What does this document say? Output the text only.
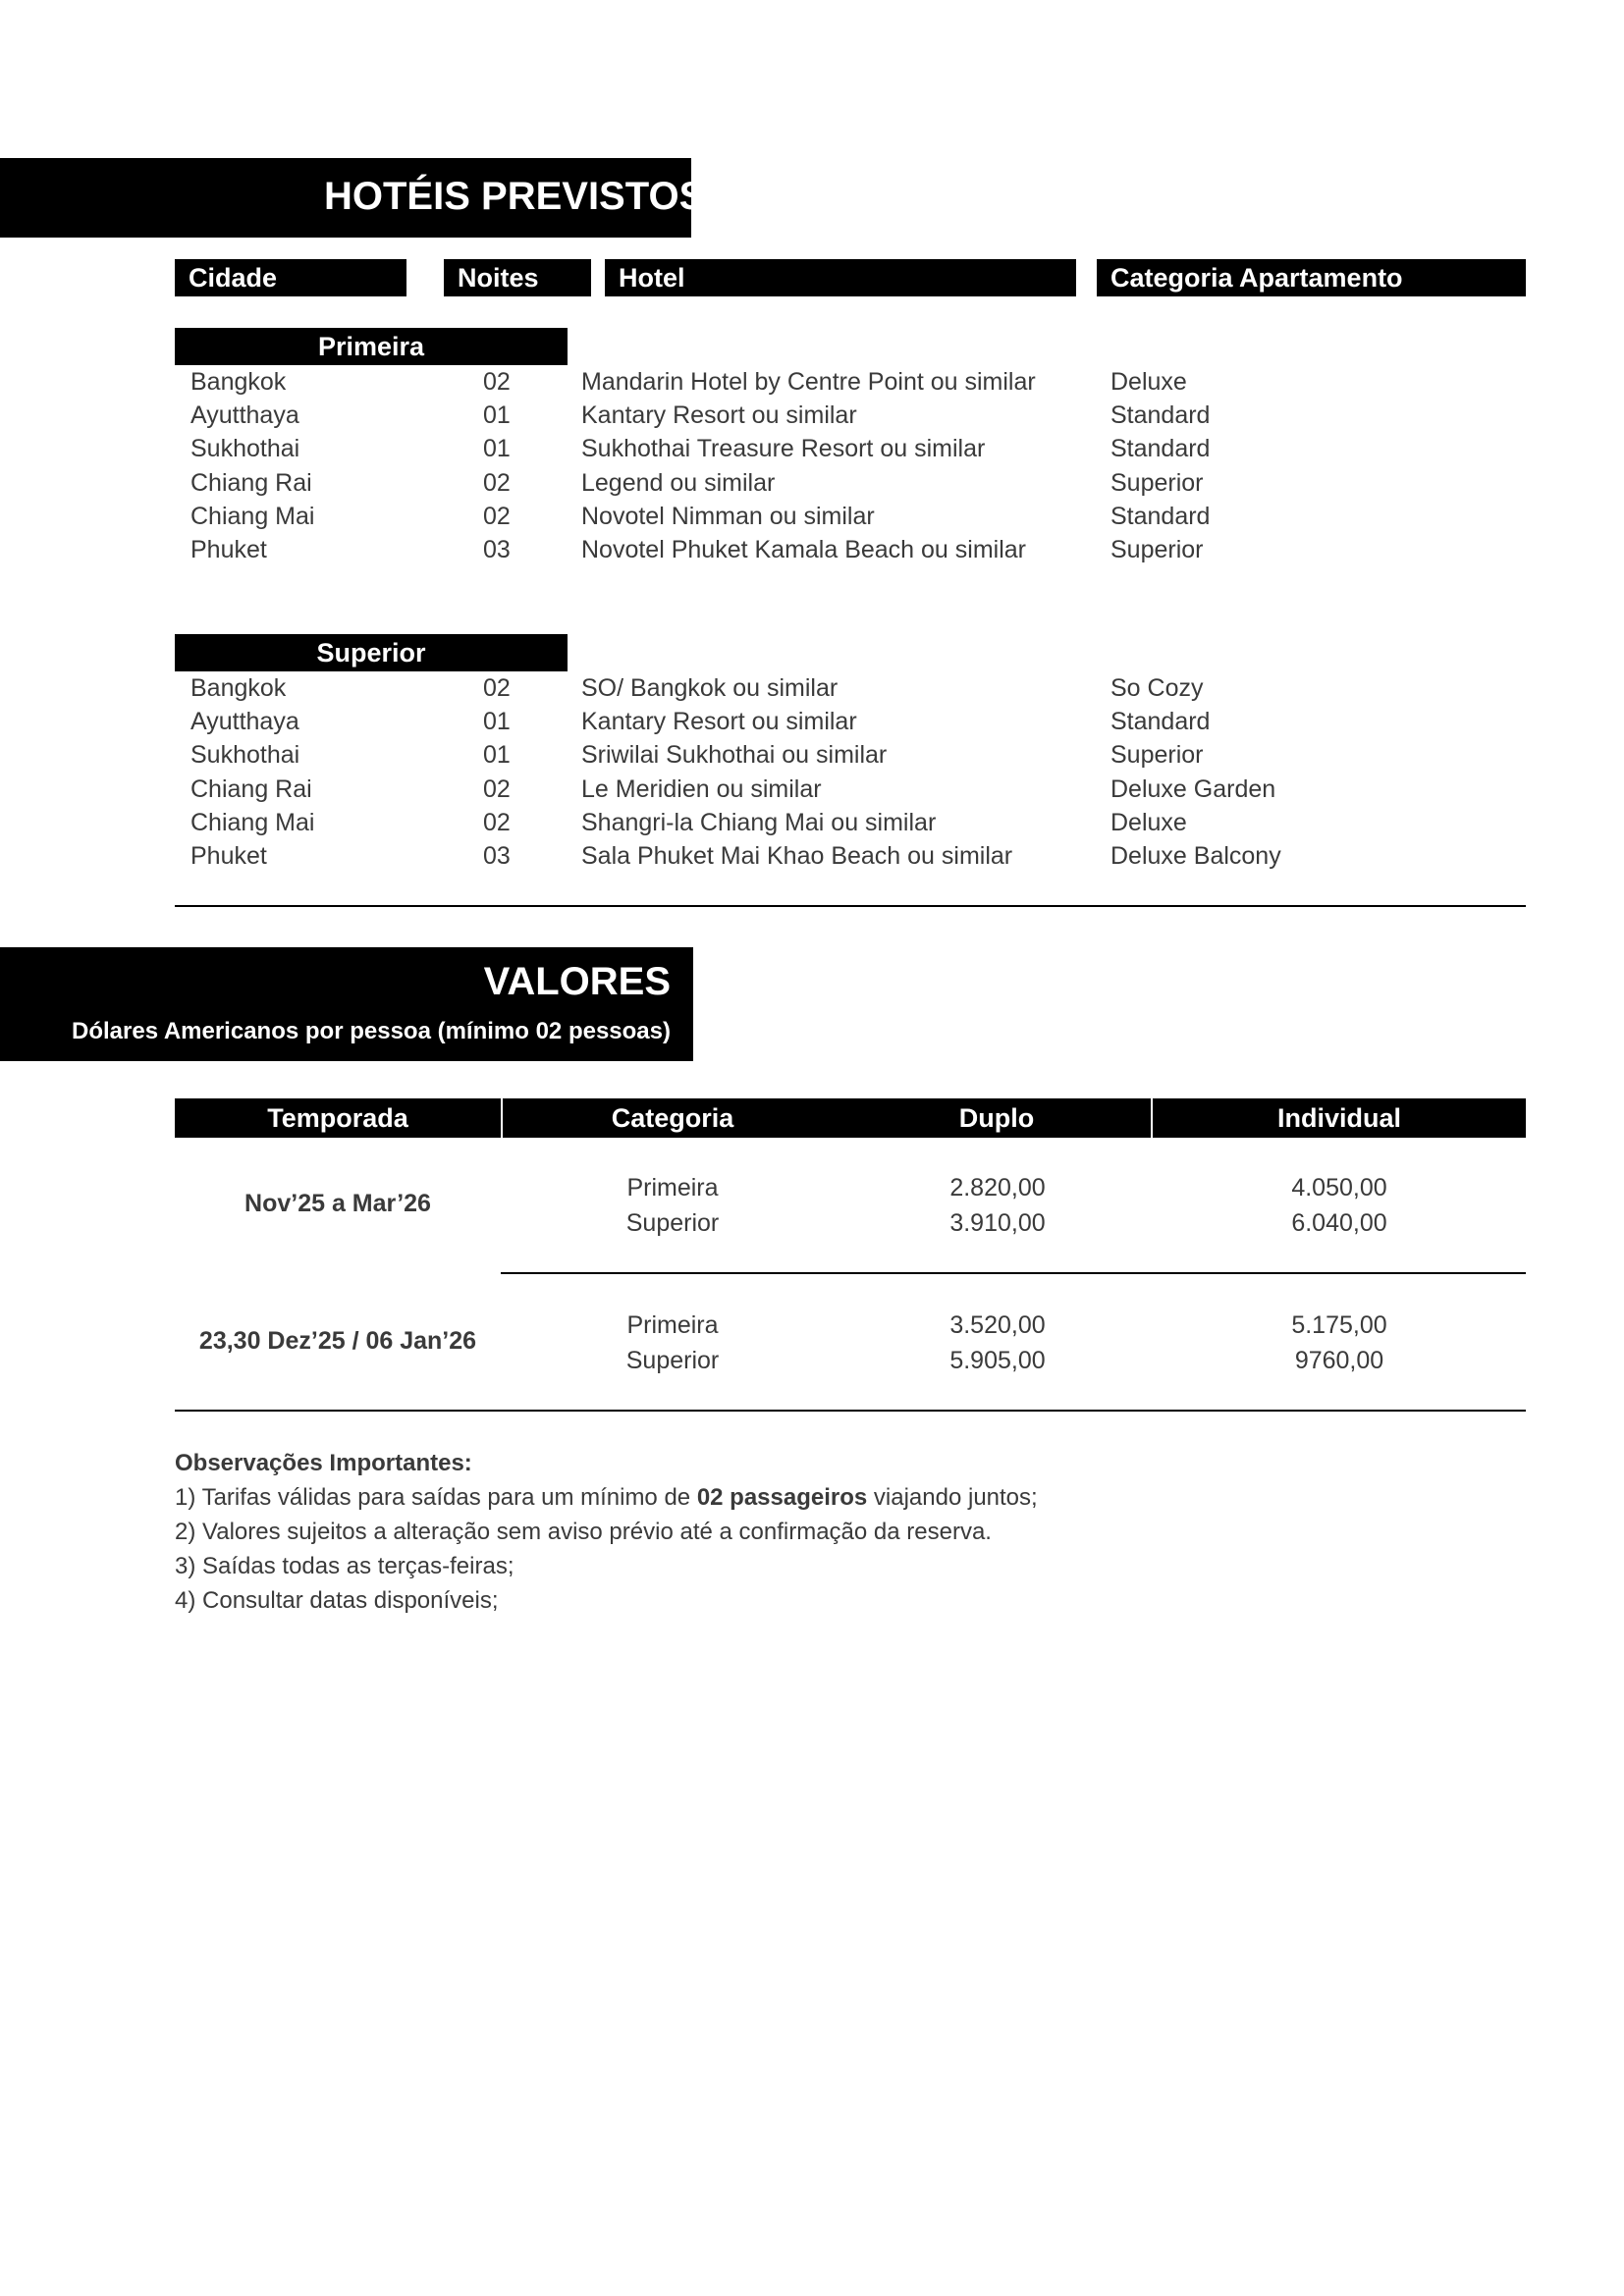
HOTÉIS PREVISTOS
Cidade	Noites	Hotel	Categoria Apartamento
Primeira
Bangkok	02	Mandarin Hotel by Centre Point ou similar	Deluxe
Ayutthaya	01	Kantary Resort ou similar	Standard
Sukhothai	01	Sukhothai Treasure Resort ou similar	Standard
Chiang Rai	02	Legend ou similar	Superior
Chiang Mai	02	Novotel Nimman ou similar	Standard
Phuket	03	Novotel Phuket Kamala Beach ou similar	Superior
Superior
Bangkok	02	SO/ Bangkok ou similar	So Cozy
Ayutthaya	01	Kantary Resort ou similar	Standard
Sukhothai	01	Sriwilai Sukhothai ou similar	Superior
Chiang Rai	02	Le Meridien ou similar	Deluxe Garden
Chiang Mai	02	Shangri-la Chiang Mai ou similar	Deluxe
Phuket	03	Sala Phuket Mai Khao Beach ou similar	Deluxe Balcony
VALORES
Dólares Americanos por pessoa (mínimo 02 pessoas)
Temporada	Categoria	Duplo	Individual
Nov’25 a Mar’26
Primeira	2.820,00	4.050,00
Superior	3.910,00	6.040,00
23,30 Dez’25 / 06 Jan’26
Primeira	3.520,00	5.175,00
Superior	5.905,00	9760,00
Observações Importantes:
1) Tarifas válidas para saídas para um mínimo de 02 passageiros viajando juntos;
2) Valores sujeitos a alteração sem aviso prévio até a confirmação da reserva.
3) Saídas todas as terças-feiras;
4) Consultar datas disponíveis;
